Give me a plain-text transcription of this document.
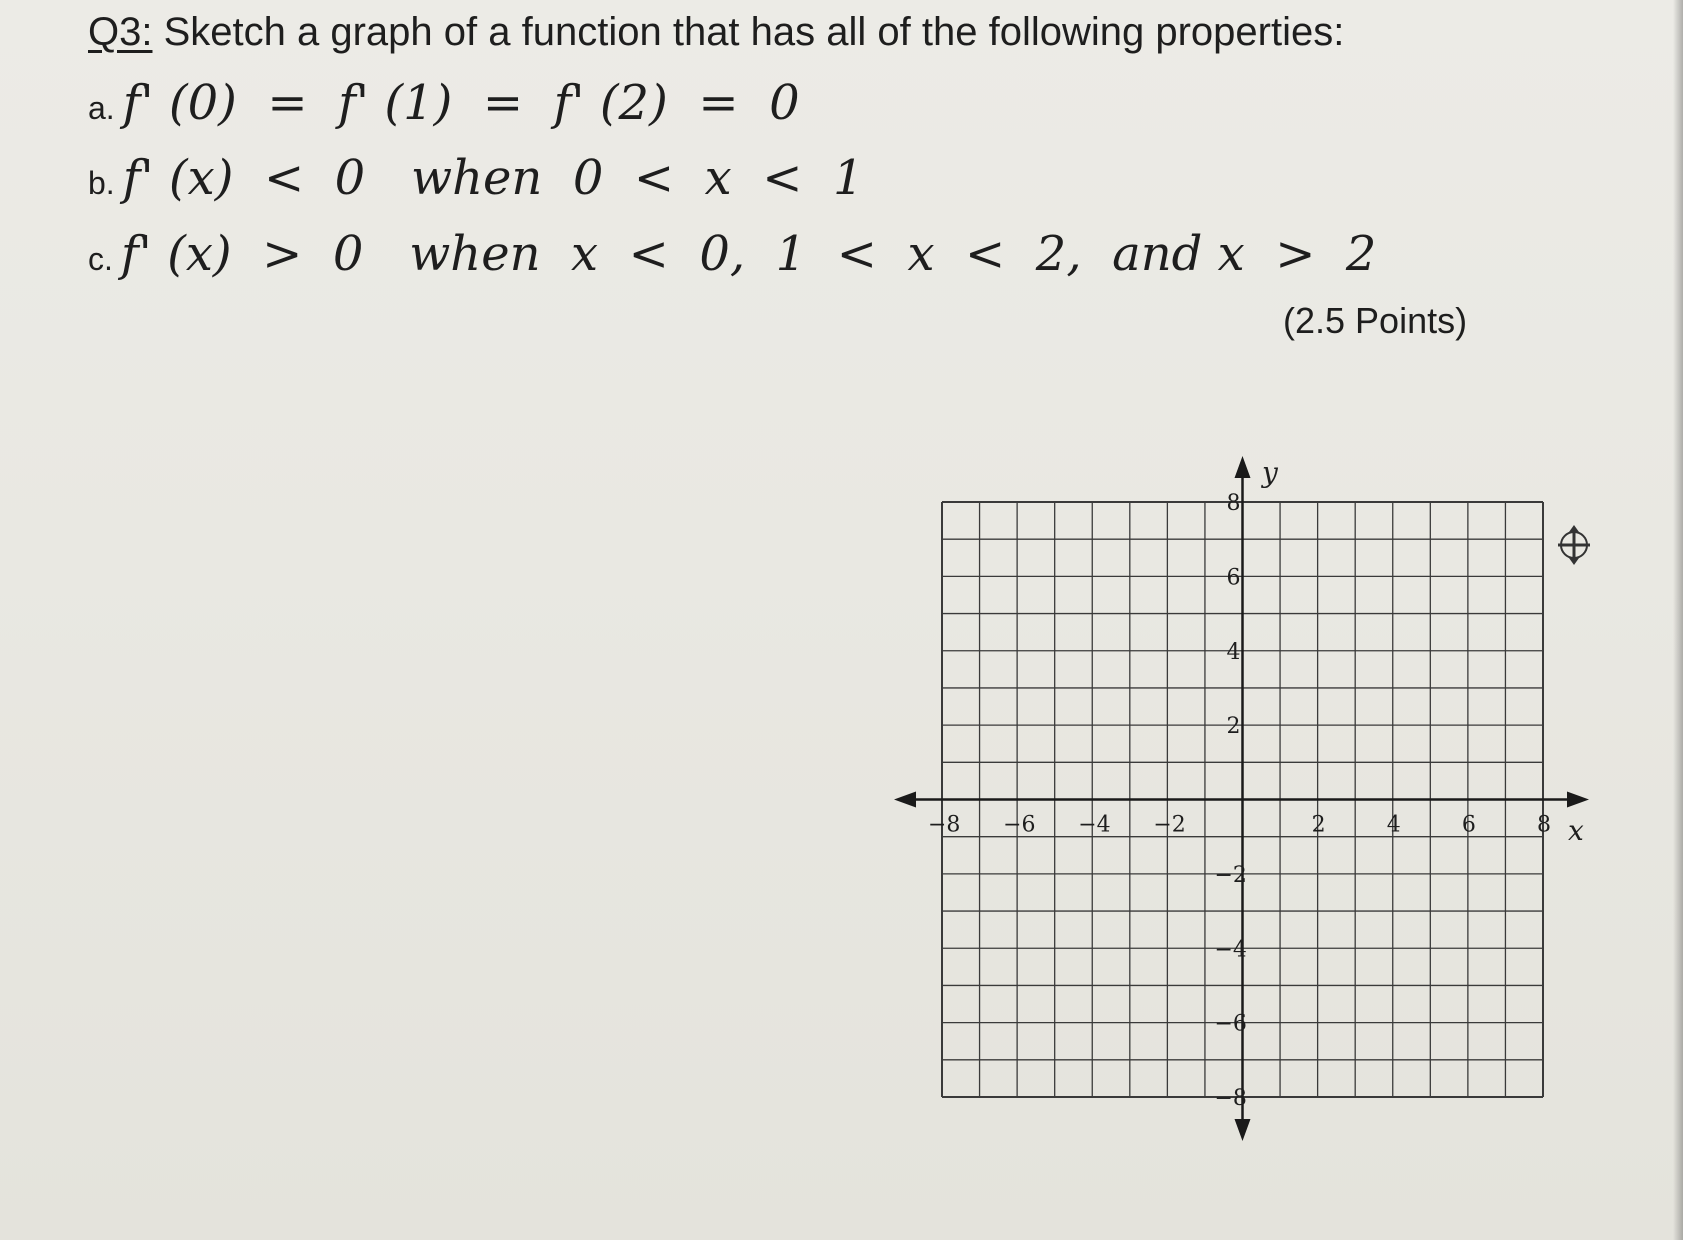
Q3: Sketch a graph of a function that has all of the following properties:
a. f' (0)  =  f' (1)  =  f' (2)  =  0
b. f' (x)  <  0   when  0  <  x  <  1
c. f' (x)  >  0   when  x  <  0,  1  <  x  <  2,  and x  >  2
(2.5 Points)
−8 −6 −4 −2	2	4	6	8
8
6
4
2
−2
−4
−6
−8
x
y
